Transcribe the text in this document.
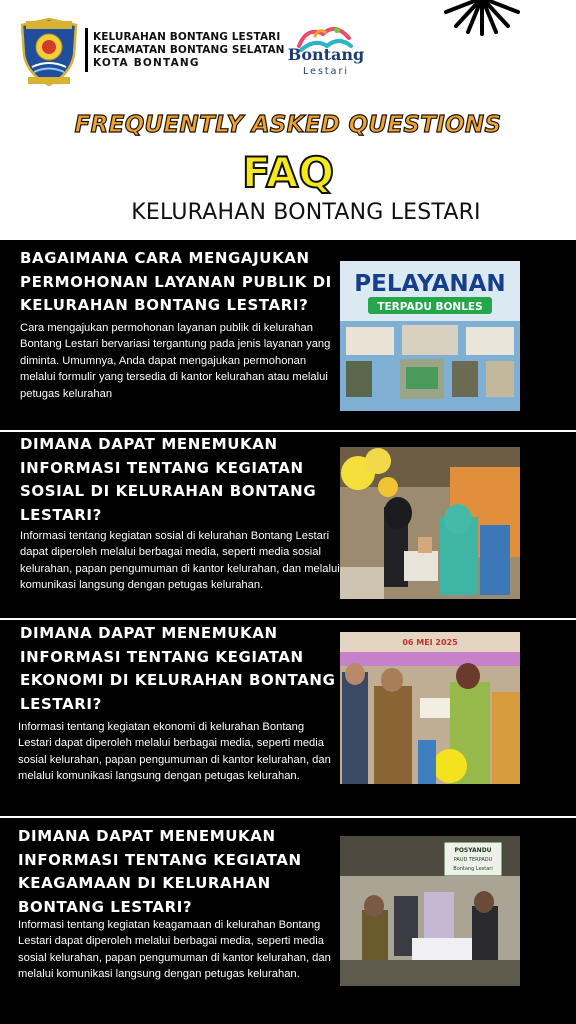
KELURAHAN BONTANG LESTARI
KECAMATAN BONTANG SELATAN
KOTA BONTANG	Bontang
Lestari
FREQUENTLY ASKED QUESTIONS
FAQ
KELURAHAN BONTANG LESTARI
BAGAIMANA CARA MENGAJUKAN PERMOHONAN LAYANAN PUBLIK DI KELURAHAN BONTANG LESTARI?
Cara mengajukan permohonan layanan publik di kelurahan Bontang Lestari bervariasi tergantung pada jenis layanan yang diminta. Umumnya, Anda dapat mengajukan permohonan melalui formulir yang tersedia di kantor kelurahan atau melalui petugas kelurahan
PELAYANAN
TERPADU BONLES
DIMANA DAPAT MENEMUKAN INFORMASI TENTANG KEGIATAN SOSIAL DI KELURAHAN BONTANG LESTARI?
Informasi tentang kegiatan sosial di kelurahan Bontang Lestari dapat diperoleh melalui berbagai media, seperti media sosial kelurahan, papan pengumuman di kantor kelurahan, dan melalui komunikasi langsung dengan petugas kelurahan.
DIMANA DAPAT MENEMUKAN INFORMASI TENTANG KEGIATAN EKONOMI DI KELURAHAN BONTANG LESTARI?
Informasi tentang kegiatan ekonomi di kelurahan Bontang Lestari dapat diperoleh melalui berbagai media, seperti media sosial kelurahan, papan pengumuman di kantor kelurahan, dan melalui komunikasi langsung dengan petugas kelurahan.
06 MEI 2025
DIMANA DAPAT MENEMUKAN INFORMASI TENTANG KEGIATAN KEAGAMAAN DI KELURAHAN BONTANG LESTARI?
Informasi tentang kegiatan keagamaan di kelurahan Bontang Lestari dapat diperoleh melalui berbagai media, seperti media sosial kelurahan, papan pengumuman di kantor kelurahan, dan melalui komunikasi langsung dengan petugas kelurahan.
POSYANDU
PAUD TERPADU
Bontang Lestari
